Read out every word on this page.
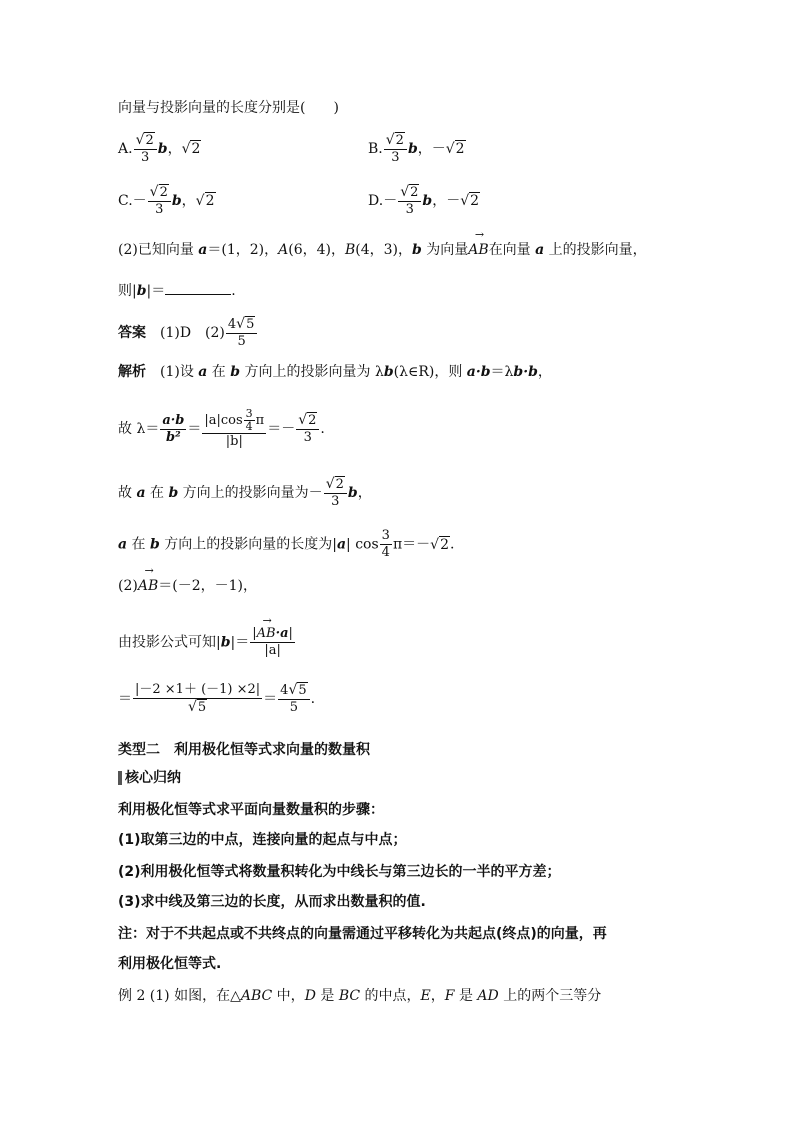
向量与投影向量的长度分别是(　　)
A. $\frac{√2}{3}$ b，√2	B. $\frac{√2}{3}$ b，－√2
$C.- \frac{√2}{3}$ b，√2	$D.- \frac{√2}{3}$ b，－√2
(2)已知向量 a＝(1，2)，A(6，4)，B(4，3)，b 为向量→ AB在向量 a 上的投影向量，
则|b|＝	.
答案　 (1)D　$(2) \frac{4√5}{5}$
解析　 (1)设 a 在 b 方向上的投影向量为 λb(λ∈R)，则 a·b＝λb·b，
故 $\lambda= \frac{a\cdot b}{\text{b²}} = \frac{|a|\cos \frac{3}{4} \pi}{|b|} =- \frac{√2}{3}$ .
故 a 在 b 方向上的投影向量为－ $\frac{√2}{3}$ b，
a 在 b 方向上的投影向量的长度为|a| $\cos \frac{3}{4} \pi=-√2$.
(2)→ AB＝(－2，－1)，
由投影公式可知$|b|= \frac{|\to AB\cdot a|}{|a|}$
＝ $\frac{|-2 \times 1+ (-1) \times 2|}{√5} = \frac{4√5}{5}$ .
类型二　利用极化恒等式求向量的数量积
核心归纳
利用极化恒等式求平面向量数量积的步骤：
(1)取第三边的中点，连接向量的起点与中点；
(2)利用极化恒等式将数量积转化为中线长与第三边长的一半的平方差；
(3)求中线及第三边的长度，从而求出数量积的值.
注：对于不共起点或不共终点的向量需通过平移转化为共起点(终点)的向量，再
利用极化恒等式.
例 2 (1) 如图，在△ABC 中，D 是 BC 的中点，E，F 是 AD 上的两个三等分
